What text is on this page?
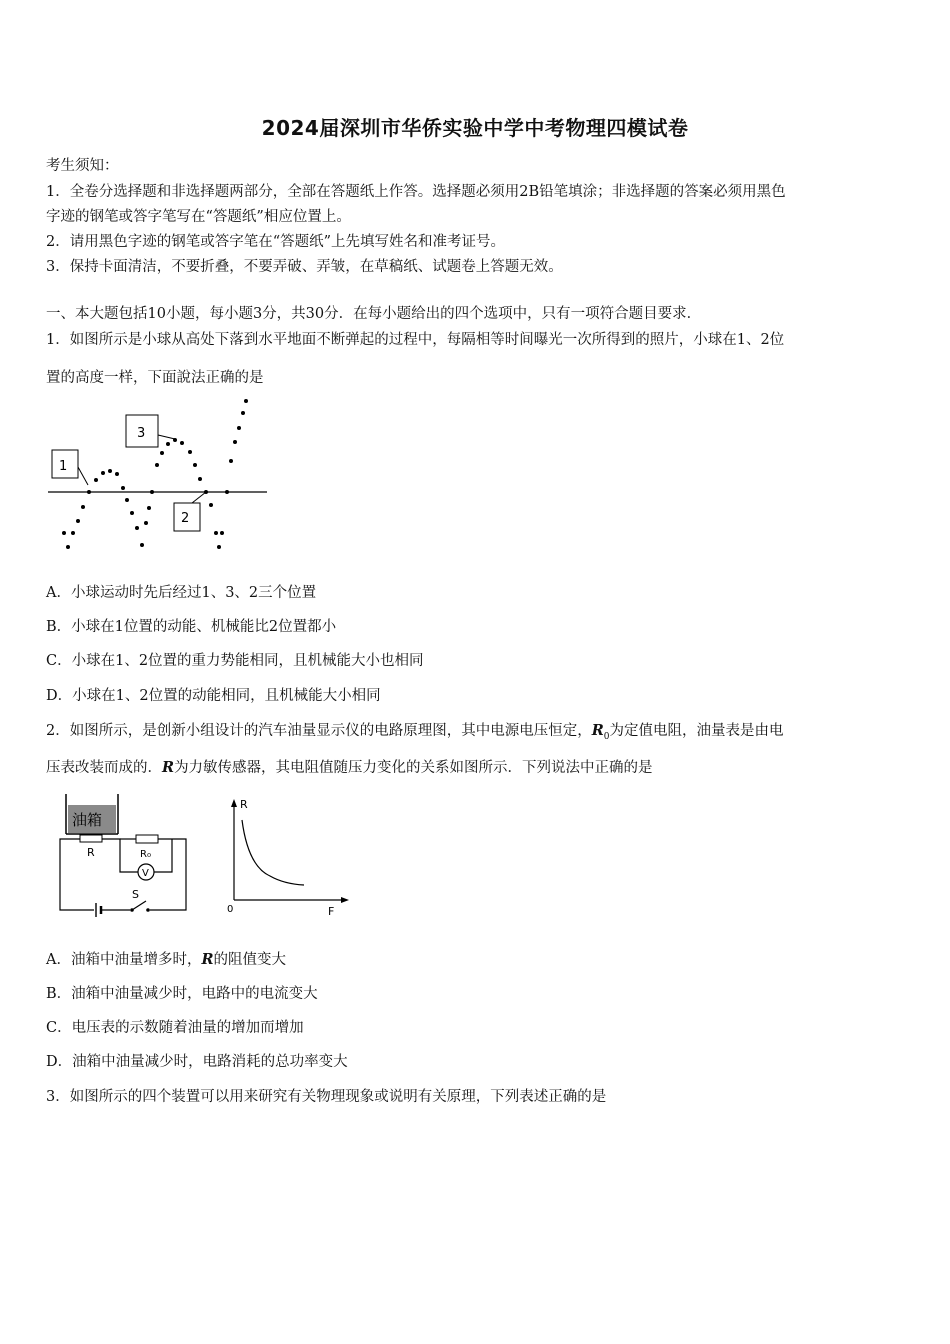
2024届深圳市华侨实验中学中考物理四模试卷
考生须知：
1．全卷分选择题和非选择题两部分，全部在答题纸上作答。选择题必须用2B铅笔填涂；非选择题的答案必须用黑色
字迹的钢笔或答字笔写在“答题纸”相应位置上。
2．请用黑色字迹的钢笔或答字笔在“答题纸”上先填写姓名和准考证号。
3．保持卡面清洁，不要折叠，不要弄破、弄皱，在草稿纸、试题卷上答题无效。
一、本大题包括10小题，每小题3分，共30分．在每小题给出的四个选项中，只有一项符合题目要求．
1．如图所示是小球从高处下落到水平地面不断弹起的过程中，每隔相等时间曝光一次所得到的照片，小球在1、2位
置的高度一样，下面說法正确的是
1
3
2
A．小球运动时先后经过1、3、2三个位置
B．小球在1位置的动能、机械能比2位置都小
C．小球在1、2位置的重力势能相同，且机械能大小也相同
D．小球在1、2位置的动能相同，且机械能大小相同
2．如图所示，是创新小组设计的汽车油量显示仪的电路原理图，其中电源电压恒定，$R_0$为定值电阻，油量表是由电
压表改装而成的．R为力敏传感器，其电阻值随压力变化的关系如图所示．下列说法中正确的是
油箱
R	R₀
V
S
R
F
0
A．油箱中油量增多时，R的阻值变大
B．油箱中油量减少时，电路中的电流变大
C．电压表的示数随着油量的增加而增加
D．油箱中油量减少时，电路消耗的总功率变大
3．如图所示的四个装置可以用来研究有关物理现象或说明有关原理，下列表述正确的是
